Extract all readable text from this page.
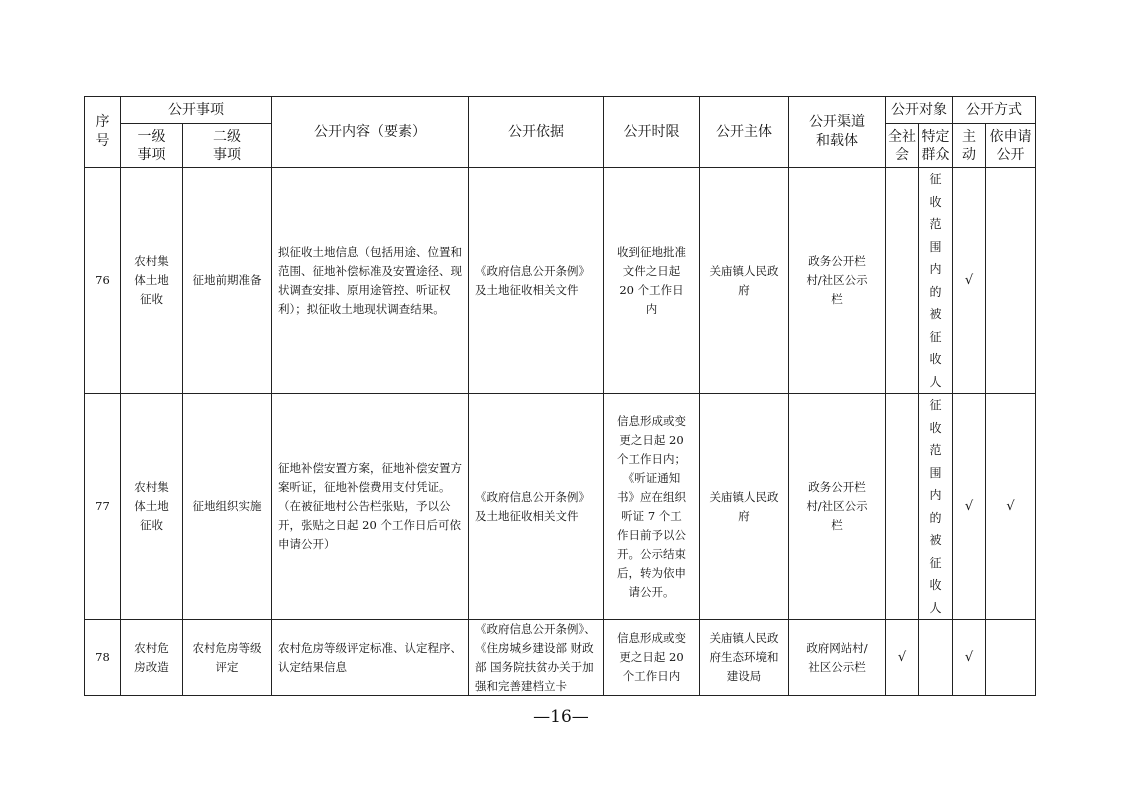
序号	公开事项		公开内容（要素）	公开依据	公开时限	公开主体	公开渠道和载体	公开对象		公开方式	

	一级事项	二级事项						全社会	特定群众	主动	依申请公开

76	农村集体土地征收	征地前期准备	拟征收土地信息（包括用途、位置和范围、征地补偿标准及安置途径、现状调查安排、原用途管控、听证权利）；拟征收土地现状调查结果。	《政府信息公开条例》及土地征收相关文件	收到征地批准文件之日起 20 个工作日内	关庙镇人民政府	政务公开栏村/社区公示栏		征收范围内的被征收人	√	
77	农村集体土地征收	征地组织实施	征地补偿安置方案，征地补偿安置方案听证，征地补偿费用支付凭证。（在被征地村公告栏张贴，予以公开，张贴之日起 20 个工作日后可依申请公开）	《政府信息公开条例》及土地征收相关文件	信息形成或变更之日起 20 个工作日内；《听证通知书》应在组织听证 7 个工作日前予以公开。公示结束后，转为依申请公开。	关庙镇人民政府	政务公开栏村/社区公示栏		征收范围内的被征收人	√	√
78	农村危房改造	农村危房等级评定	农村危房等级评定标准、认定程序、认定结果信息	《政府信息公开条例》、《住房城乡建设部 财政部 国务院扶贫办关于加强和完善建档立卡	信息形成或变更之日起 20 个工作日内	关庙镇人民政府生态环境和建设局	政府网站村/社区公示栏	√		√	
—16—
